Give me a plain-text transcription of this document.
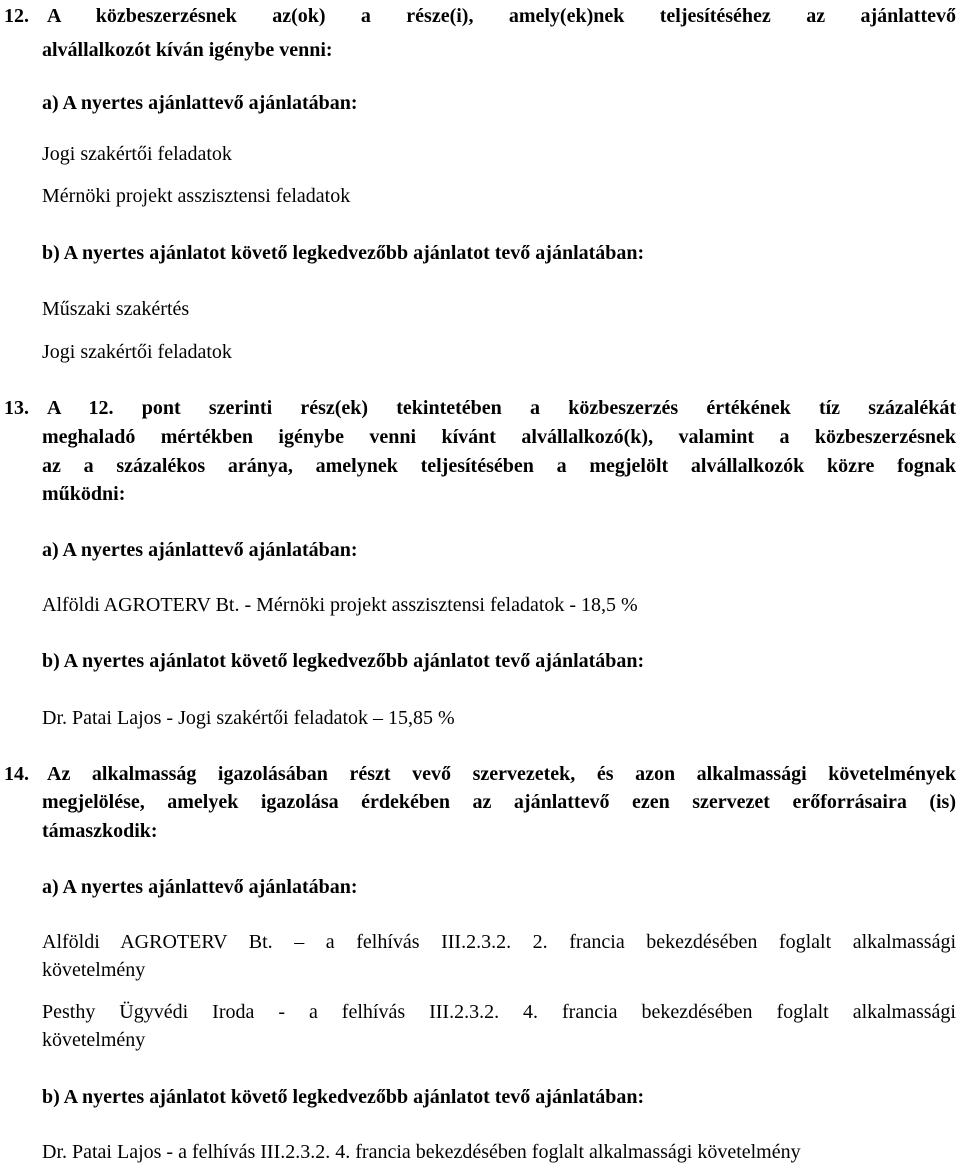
12. A közbeszerzésnek az(ok) a része(i), amely(ek)nek teljesítéséhez az ajánlattevő
alvállalkozót kíván igénybe venni:
a) A nyertes ajánlattevő ajánlatában:
Jogi szakértői feladatok
Mérnöki projekt asszisztensi feladatok
b) A nyertes ajánlatot követő legkedvezőbb ajánlatot tevő ajánlatában:
Műszaki szakértés
Jogi szakértői feladatok
13. A 12. pont szerinti rész(ek) tekintetében a közbeszerzés értékének tíz százalékát
meghaladó mértékben igénybe venni kívánt alvállalkozó(k), valamint a közbeszerzésnek
az a százalékos aránya, amelynek teljesítésében a megjelölt alvállalkozók közre fognak
működni:
a) A nyertes ajánlattevő ajánlatában:
Alföldi AGROTERV Bt. - Mérnöki projekt asszisztensi feladatok - 18,5 %
b) A nyertes ajánlatot követő legkedvezőbb ajánlatot tevő ajánlatában:
Dr. Patai Lajos - Jogi szakértői feladatok – 15,85 %
14. Az alkalmasság igazolásában részt vevő szervezetek, és azon alkalmassági követelmények
megjelölése, amelyek igazolása érdekében az ajánlattevő ezen szervezet erőforrásaira (is)
támaszkodik:
a) A nyertes ajánlattevő ajánlatában:
Alföldi AGROTERV Bt. – a felhívás III.2.3.2. 2. francia bekezdésében foglalt alkalmassági
követelmény
Pesthy Ügyvédi Iroda - a felhívás III.2.3.2. 4. francia bekezdésében foglalt alkalmassági
követelmény
b) A nyertes ajánlatot követő legkedvezőbb ajánlatot tevő ajánlatában:
Dr. Patai Lajos - a felhívás III.2.3.2. 4. francia bekezdésében foglalt alkalmassági követelmény
